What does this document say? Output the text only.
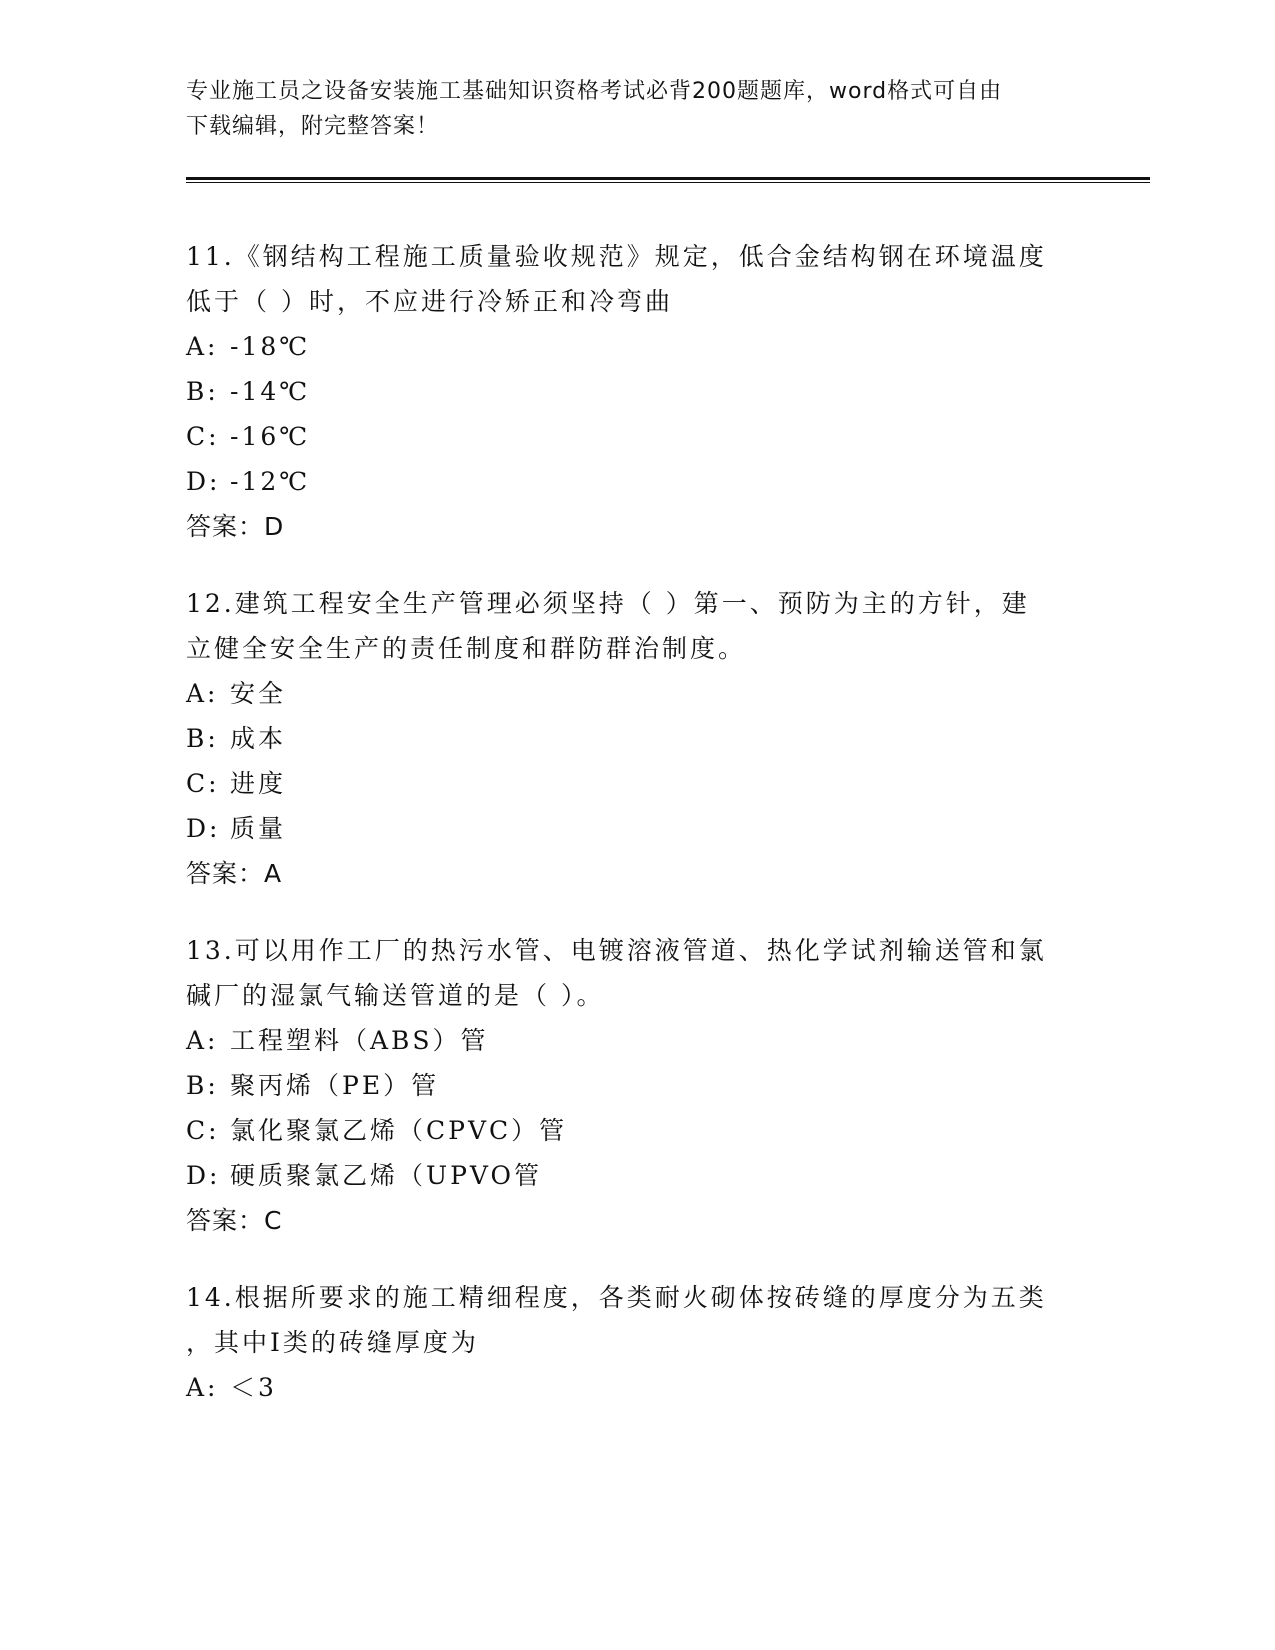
专业施工员之设备安装施工基础知识资格考试必背200题题库，word格式可自由
下载编辑，附完整答案！

11.《钢结构工程施工质量验收规范》规定，低合金结构钢在环境温度

低于（ ）时，不应进行冷矫正和冷弯曲

A: -18℃

B: -14℃

C: -16℃

D: -12℃

答案：D

12.建筑工程安全生产管理必须坚持（ ）第一、预防为主的方针，建

立健全安全生产的责任制度和群防群治制度。

A: 安全

B: 成本

C: 进度

D: 质量

答案：A

13.可以用作工厂的热污水管、电镀溶液管道、热化学试剂输送管和氯

碱厂的湿氯气输送管道的是（ ）。

A: 工程塑料（ABS）管

B: 聚丙烯（PE）管

C: 氯化聚氯乙烯（CPVC）管

D: 硬质聚氯乙烯（UPVO管

答案：C

14.根据所要求的施工精细程度，各类耐火砌体按砖缝的厚度分为五类

，其中I类的砖缝厚度为

A: ＜3
